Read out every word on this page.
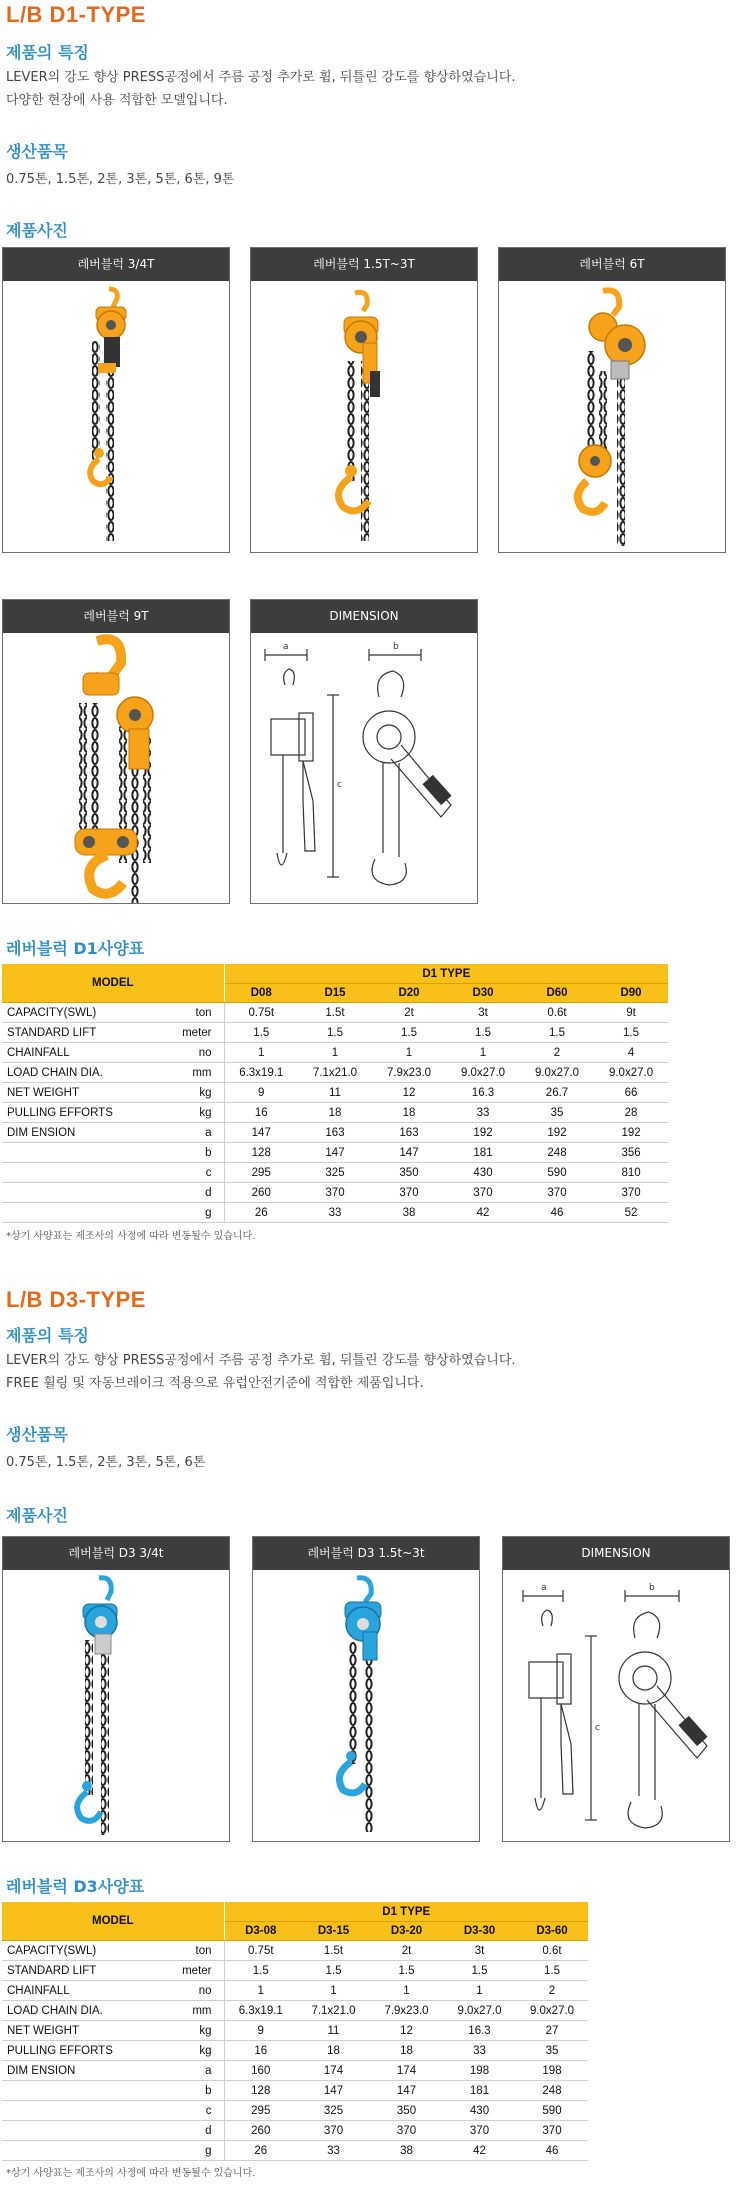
L/B D1-TYPE
제품의 특징
LEVER의 강도 향상 PRESS공정에서 주름 공정 추가로 휨, 뒤틀린 강도를 향상하였습니다.
다양한 현장에 사용 적합한 모델입니다.
생산품목
0.75톤, 1.5톤, 2톤, 3톤, 5톤, 6톤, 9톤
제품사진
레버블럭 3/4T	레버블럭 1.5T~3T	레버블럭 6T
레버블럭 9T	DIMENSION
a	b
c
레버블럭 D1사양표
MODEL		D1 TYPE					
		D08	D15	D20	D30	D60	D90
CAPACITY(SWL)	ton	0.75t	1.5t	2t	3t	0.6t	9t
STANDARD LIFT	meter	1.5	1.5	1.5	1.5	1.5	1.5
CHAINFALL	no	1	1	1	1	2	4
LOAD CHAIN DIA.	mm	6.3x19.1	7.1x21.0	7.9x23.0	9.0x27.0	9.0x27.0	9.0x27.0
NET WEIGHT	kg	9	11	12	16.3	26.7	66
PULLING EFFORTS	kg	16	18	18	33	35	28
DIM ENSION	a	147	163	163	192	192	192
	b	128	147	147	181	248	356
	c	295	325	350	430	590	810
	d	260	370	370	370	370	370
	g	26	33	38	42	46	52
*상기 사양표는 제조사의 사정에 따라 변동될수 있습니다.
L/B D3-TYPE
제품의 특징
LEVER의 강도 향상 PRESS공정에서 주름 공정 추가로 휨, 뒤틀린 강도를 향상하였습니다.
FREE 휠링 및 자동브레이크 적용으로 유럽안전기준에 적합한 제품입니다.
생산품목
0.75톤, 1.5톤, 2톤, 3톤, 5톤, 6톤
제품사진
레버블럭 D3 3/4t	레버블럭 D3 1.5t~3t	DIMENSION
a	b
c
레버블럭 D3사양표
MODEL		D1 TYPE				
		D3-08	D3-15	D3-20	D3-30	D3-60
CAPACITY(SWL)	ton	0.75t	1.5t	2t	3t	0.6t
STANDARD LIFT	meter	1.5	1.5	1.5	1.5	1.5
CHAINFALL	no	1	1	1	1	2
LOAD CHAIN DIA.	mm	6.3x19.1	7.1x21.0	7.9x23.0	9.0x27.0	9.0x27.0
NET WEIGHT	kg	9	11	12	16.3	27
PULLING EFFORTS	kg	16	18	18	33	35
DIM ENSION	a	160	174	174	198	198
	b	128	147	147	181	248
	c	295	325	350	430	590
	d	260	370	370	370	370
	g	26	33	38	42	46
*상기 사양표는 제조사의 사정에 따라 변동될수 있습니다.
